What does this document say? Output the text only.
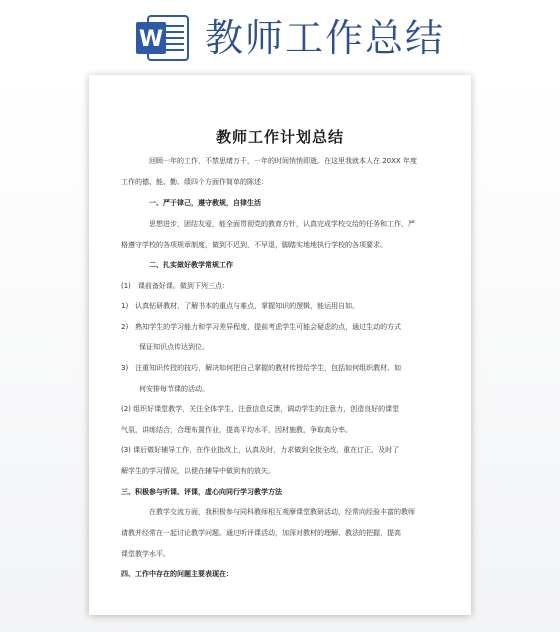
W 教师工作总结
教师工作计划总结
回顾一年的工作，不禁思绪万千，一年的时间悄悄即逝。在这里我就本人在 20XX 年度
工作的德、能、勤、绩四个方面作简单的陈述：
一、严于律己，遵守教规，自律生活
思想进步，团结友爱，能全面贯彻党的教育方针，认真完成学校交给的任务和工作，严
格遵守学校的各项规章制度，做到不迟到，不早退，脚踏实地地执行学校的各项要求。
二、扎实做好教学常规工作
(1)　课前备好课。做到下列三点：
1)　认真钻研教材，了解书本的重点与难点，掌握知识的逻辑，能运用自如。
2)　熟知学生的学习能力和学习差异程度，提前考虑学生可能会疑虑的点，通过生动的方式
保证知识点传达到位。
3)　注重知识传授的技巧，解决如何把自己掌握的教材传授给学生，包括如何组织教材、如
何安排每节课的活动。
(2) 组织好课堂教学，关注全体学生，注意信息反馈，调动学生的注意力，创造良好的课堂
气氛，讲练结合，合理布置作业，提高平均水平，因材施教，争取高分率。
(3) 课后做好辅导工作，在作业批改上，认真及时，力求做到全批全改，重在订正，及时了
解学生的学习情况，以便在辅导中做到有的放矢。
三、积极参与听课、评课，虚心向同行学习教学方法
在教学交流方面，我积极参与同科教师相互观摩课堂教研活动，经常向经验丰富的教师
请教并经常在一起讨论教学问题。通过听评课活动，加深对教材的理解、教法的把握，提高
课堂教学水平。
四、工作中存在的问题主要表现在：
